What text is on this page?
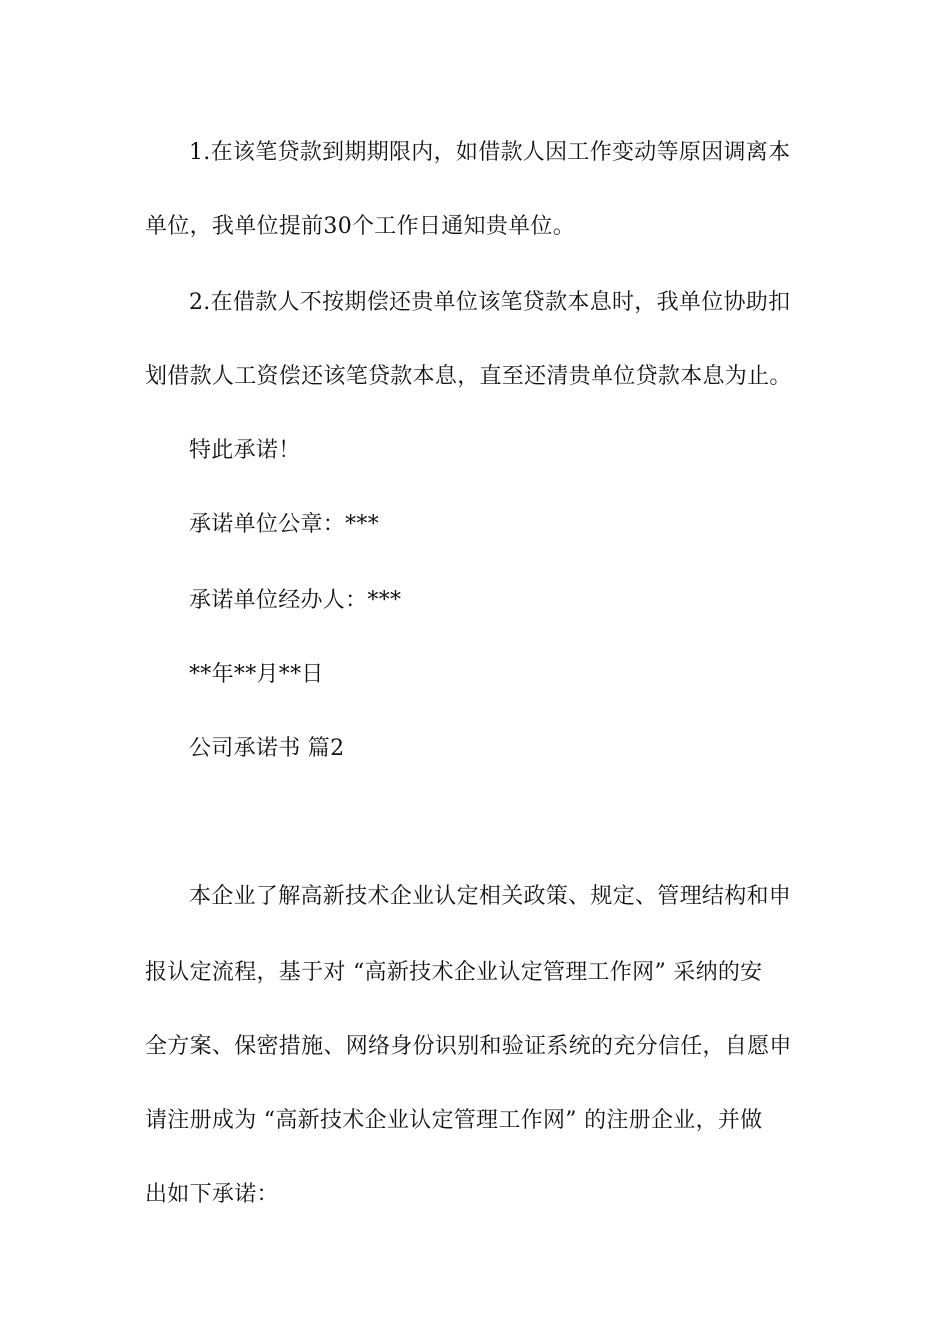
1.在该笔贷款到期期限内，如借款人因工作变动等原因调离本
单位，我单位提前30个工作日通知贵单位。
2.在借款人不按期偿还贵单位该笔贷款本息时，我单位协助扣
划借款人工资偿还该笔贷款本息，直至还清贵单位贷款本息为止。
特此承诺！
承诺单位公章：***
承诺单位经办人：***
**年**月**日
公司承诺书 篇2
本企业了解高新技术企业认定相关政策、规定、管理结构和申
报认定流程，基于对 “高新技术企业认定管理工作网” 采纳的安
全方案、保密措施、网络身份识别和验证系统的充分信任，自愿申
请注册成为 “高新技术企业认定管理工作网” 的注册企业，并做
出如下承诺：
